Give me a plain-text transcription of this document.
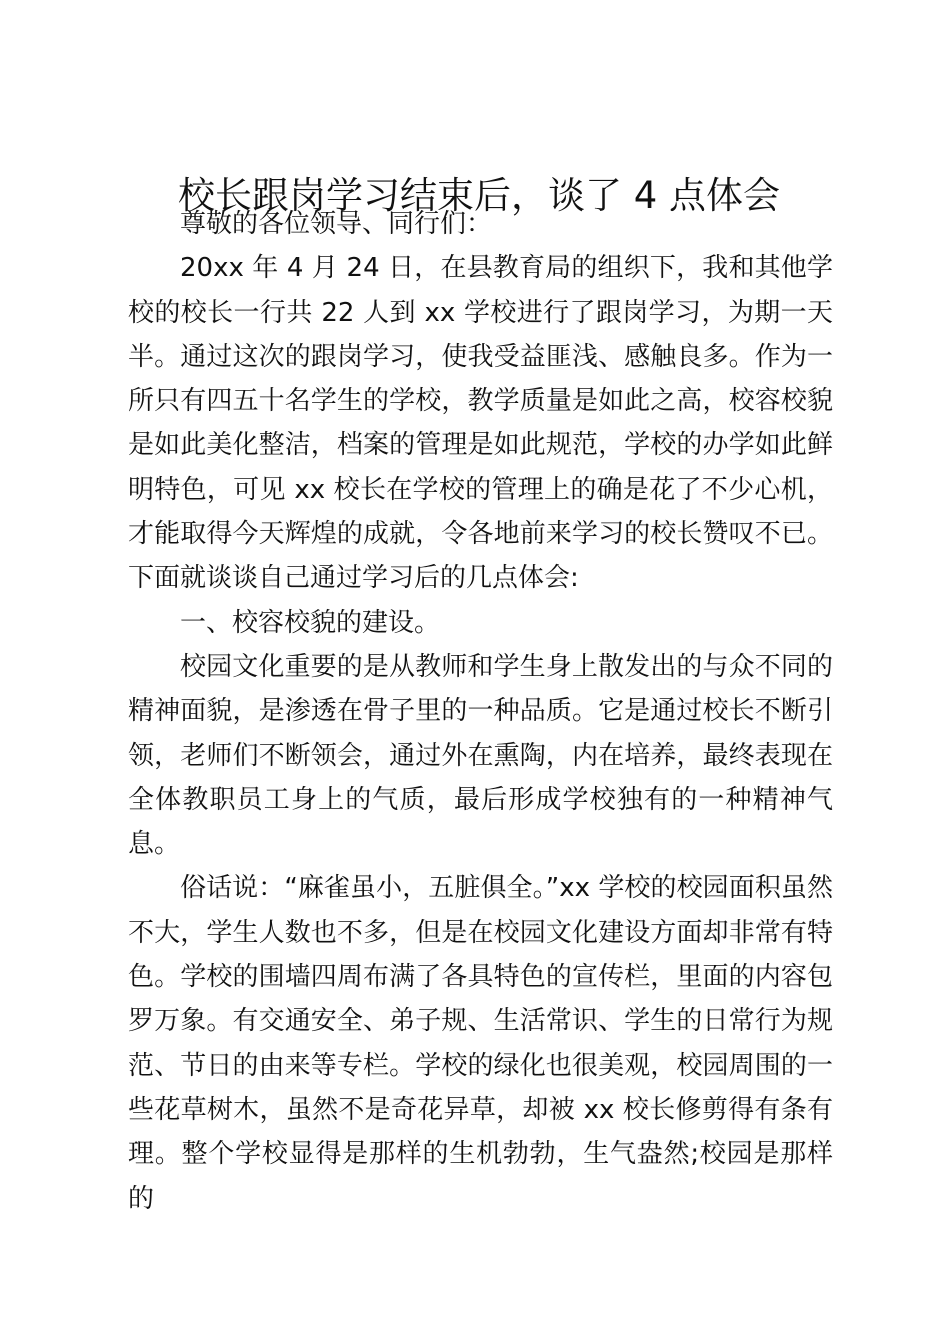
校长跟岗学习结束后，谈了 4 点体会

尊敬的各位领导、同行们：

20xx 年 4 月 24 日，在县教育局的组织下，我和其他学校的校长一行共 22 人到 xx 学校进行了跟岗学习，为期一天半。通过这次的跟岗学习，使我受益匪浅、感触良多。作为一所只有四五十名学生的学校，教学质量是如此之高，校容校貌是如此美化整洁，档案的管理是如此规范，学校的办学如此鲜明特色，可见 xx 校长在学校的管理上的确是花了不少心机，才能取得今天辉煌的成就，令各地前来学习的校长赞叹不已。下面就谈谈自己通过学习后的几点体会:

一、校容校貌的建设。

校园文化重要的是从教师和学生身上散发出的与众不同的精神面貌，是渗透在骨子里的一种品质。它是通过校长不断引领，老师们不断领会，通过外在熏陶，内在培养，最终表现在全体教职员工身上的气质，最后形成学校独有的一种精神气息。

俗话说：“麻雀虽小，五脏俱全。”xx 学校的校园面积虽然不大，学生人数也不多，但是在校园文化建设方面却非常有特色。学校的围墙四周布满了各具特色的宣传栏，里面的内容包罗万象。有交通安全、弟子规、生活常识、学生的日常行为规范、节日的由来等专栏。学校的绿化也很美观，校园周围的一些花草树木，虽然不是奇花异草，却被 xx 校长修剪得有条有理。整个学校显得是那样的生机勃勃，生气盎然;校园是那样的
